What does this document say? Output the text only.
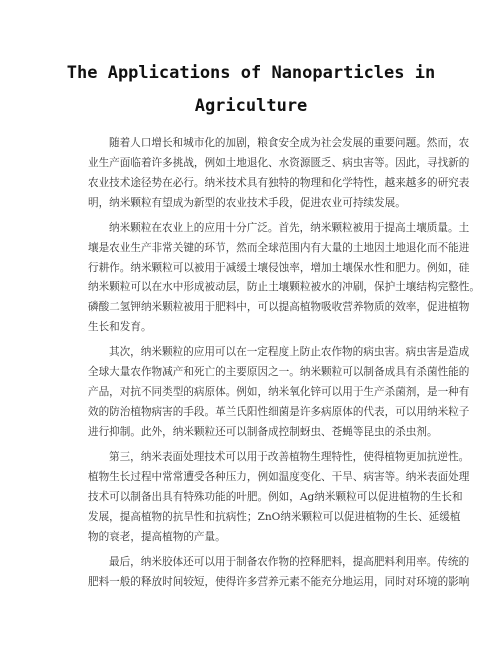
The Applications of Nanoparticles in
Agriculture

随着人口增长和城市化的加剧，粮食安全成为社会发展的重要问题。然而，农

业生产面临着许多挑战，例如土地退化、水资源匮乏、病虫害等。因此，寻找新的

农业技术途径势在必行。纳米技术具有独特的物理和化学特性，越来越多的研究表

明，纳米颗粒有望成为新型的农业技术手段，促进农业可持续发展。

纳米颗粒在农业上的应用十分广泛。首先，纳米颗粒被用于提高土壤质量。土

壤是农业生产非常关键的环节，然而全球范围内有大量的土地因土地退化而不能进

行耕作。纳米颗粒可以被用于减缓土壤侵蚀率，增加土壤保水性和肥力。例如，硅

纳米颗粒可以在水中形成被动层，防止土壤颗粒被水的冲刷，保护土壤结构完整性。

磷酸二氢钾纳米颗粒被用于肥料中，可以提高植物吸收营养物质的效率，促进植物

生长和发育。

其次，纳米颗粒的应用可以在一定程度上防止农作物的病虫害。病虫害是造成

全球大量农作物减产和死亡的主要原因之一。纳米颗粒可以制备成具有杀菌性能的

产品，对抗不同类型的病原体。例如，纳米氧化锌可以用于生产杀菌剂，是一种有

效的防治植物病害的手段。革兰氏阳性细菌是许多病原体的代表，可以用纳米粒子

进行抑制。此外，纳米颗粒还可以制备成控制蚜虫、苍蝇等昆虫的杀虫剂。

第三，纳米表面处理技术可以用于改善植物生理特性，使得植物更加抗逆性。

植物生长过程中常常遭受各种压力，例如温度变化、干旱、病害等。纳米表面处理

技术可以制备出具有特殊功能的叶肥。例如，Ag纳米颗粒可以促进植物的生长和

发展，提高植物的抗旱性和抗病性；ZnO纳米颗粒可以促进植物的生长、延缓植

物的衰老，提高植物的产量。

最后，纳米胶体还可以用于制备农作物的控释肥料，提高肥料利用率。传统的

肥料一般的释放时间较短，使得许多营养元素不能充分地运用，同时对环境的影响
